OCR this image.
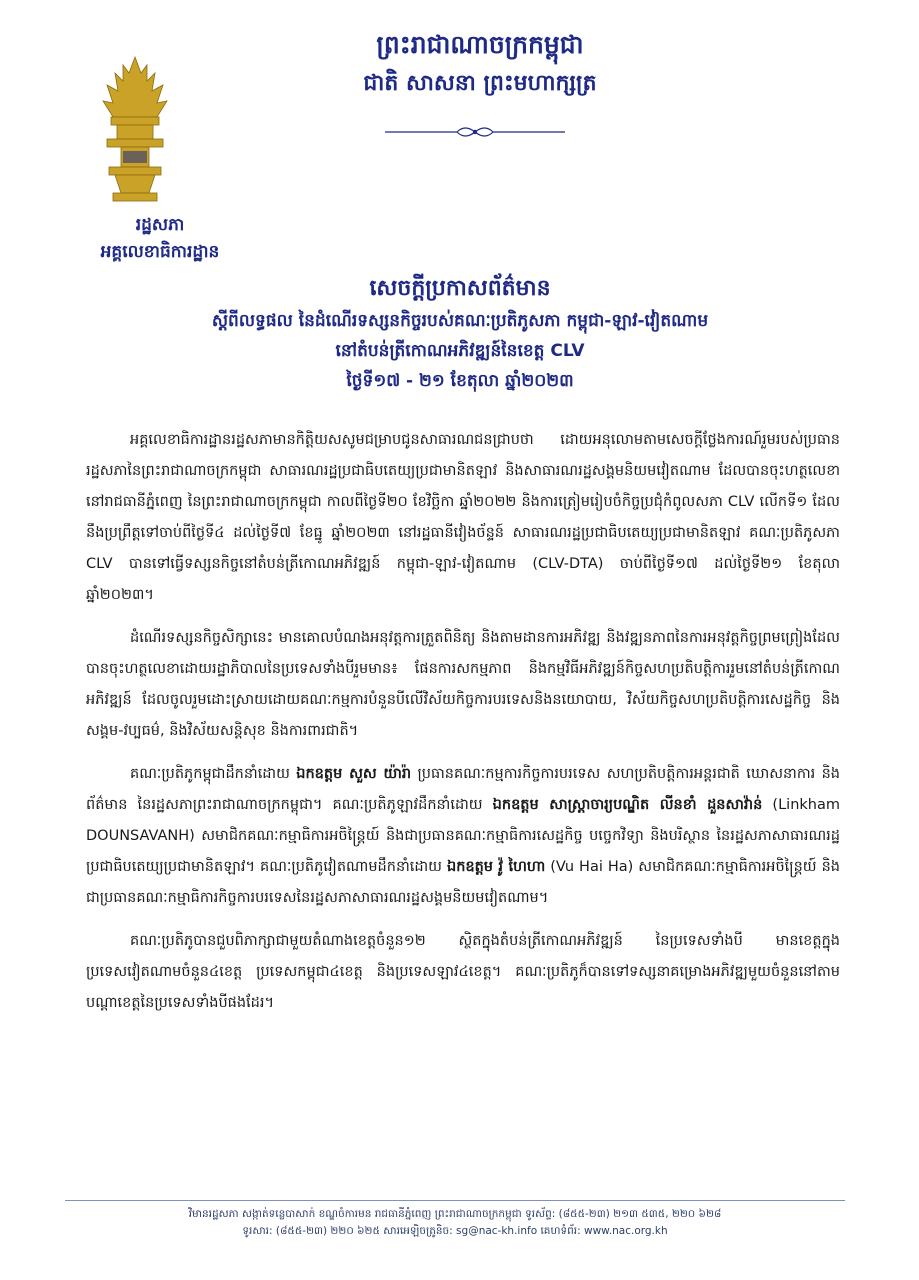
ព្រះរាជាណាចក្រកម្ពុជា
ជាតិ សាសនា ព្រះមហាក្សត្រ
រដ្ឋសភា
អគ្គលេខាធិការដ្ឋាន
សេចក្តីប្រកាសព័ត៌មាន
ស្តីពីលទ្ធផល នៃដំណើរទស្សនកិច្ចរបស់គណៈប្រតិភូសភា កម្ពុជា-ឡាវ-វៀតណាម
នៅតំបន់ត្រីកោណអភិវឌ្ឍន៍នៃខេត្ត CLV
ថ្ងៃទី១៧ - ២១ ខែតុលា ឆ្នាំ២០២៣

អគ្គលេខាធិការដ្ឋានរដ្ឋសភាមានកិត្តិយសសូមជម្រាបជូនសាធារណជនជ្រាបថា ដោយអនុលោមតាមសេចក្តីថ្លែងការណ៍រួមរបស់ប្រធានរដ្ឋសភានៃព្រះរាជាណាចក្រកម្ពុជា សាធារណរដ្ឋប្រជាធិបតេយ្យប្រជាមានិតឡាវ និងសាធារណរដ្ឋសង្គមនិយមវៀតណាម ដែលបានចុះហត្ថលេខានៅរាជធានីភ្នំពេញ នៃព្រះរាជាណាចក្រកម្ពុជា កាលពីថ្ងៃទី២០ ខែវិច្ឆិកា ឆ្នាំ២០២២ និងការត្រៀមរៀបចំកិច្ចប្រជុំកំពូលសភា CLV លើកទី១ ដែលនឹងប្រព្រឹត្តទៅចាប់ពីថ្ងៃទី៤ ដល់ថ្ងៃទី៧ ខែធ្នូ ឆ្នាំ២០២៣ នៅរដ្ឋធានីវៀងច័ន្ទន៍ សាធារណរដ្ឋប្រជាធិបតេយ្យប្រជាមានិតឡាវ គណៈប្រតិភូសភា CLV បានទៅធ្វើទស្សនកិច្ចនៅតំបន់ត្រីកោណអភិវឌ្ឍន៍ កម្ពុជា-ឡាវ-វៀតណាម (CLV-DTA) ចាប់ពីថ្ងៃទី១៧ ដល់ថ្ងៃទី២១ ខែតុលា ឆ្នាំ២០២៣។

ដំណើរទស្សនកិច្ចសិក្សានេះ មានគោលបំណងអនុវត្តការត្រួតពិនិត្យ និងតាមដានការអភិវឌ្ឍ និងវឌ្ឍនភាពនៃការអនុវត្តកិច្ចព្រមព្រៀងដែលបានចុះហត្ថលេខាដោយរដ្ឋាភិបាលនៃប្រទេសទាំងបីរួមមាន៖ ផែនការសកម្មភាព និងកម្មវិធីអភិវឌ្ឍន៍កិច្ចសហប្រតិបត្តិការរួមនៅតំបន់ត្រីកោណអភិវឌ្ឍន៍ ដែលចូលរួមដោះស្រាយដោយគណៈកម្មការបំនួនបីលើវិស័យកិច្ចការបរទេសនិងនយោបាយ, វិស័យកិច្ចសហប្រតិបត្តិការសេដ្ឋកិច្ច និងសង្គម-វប្បធម៌, និងវិស័យសន្តិសុខ និងការពារជាតិ។

គណៈប្រតិភូកម្ពុជាដឹកនាំដោយ ឯកឧត្តម សួស យ៉ារ៉ា ប្រធានគណៈកម្មការកិច្ចការបរទេស សហប្រតិបត្តិការអន្តរជាតិ ឃោសនាការ និងព័ត៌មាន នៃរដ្ឋសភាព្រះរាជាណាចក្រកម្ពុជា។ គណៈប្រតិភូឡាវដឹកនាំដោយ ឯកឧត្តម សាស្ត្រាចារ្យបណ្ឌិត លីនខាំ ដួនសាវ៉ាន់ (Linkham DOUNSAVANH) សមាជិកគណៈកម្មាធិការអចិន្ត្រៃយ៍ និងជាប្រធានគណៈកម្មាធិការសេដ្ឋកិច្ច បច្ចេកវិទ្យា និងបរិស្ថាន នៃរដ្ឋសភាសាធារណរដ្ឋប្រជាធិបតេយ្យប្រជាមានិតឡាវ។ គណៈប្រតិភូវៀតណាមដឹកនាំដោយ ឯកឧត្តម វ៉ូ ហៃហា (Vu Hai Ha) សមាជិកគណៈកម្មាធិការអចិន្ត្រៃយ៍ និងជាប្រធានគណៈកម្មាធិការកិច្ចការបរទេសនៃរដ្ឋសភាសាធារណរដ្ឋសង្គមនិយមវៀតណាម។

គណៈប្រតិភូបានជួបពិភាក្សាជាមួយតំណាងខេត្តចំនួន១២ ស្ថិតក្នុងតំបន់ត្រីកោណអភិវឌ្ឍន៍ នៃប្រទេសទាំងបី មានខេត្តក្នុងប្រទេសវៀតណាមចំនួន៤ខេត្ត ប្រទេសកម្ពុជា៤ខេត្ត និងប្រទេសឡាវ៤ខេត្ត។ គណៈប្រតិភូក៏បានទៅទស្សនាគម្រោងអភិវឌ្ឍមួយចំនួននៅតាមបណ្តាខេត្តនៃប្រទេសទាំងបីផងដែរ។

វិមានរដ្ឋសភា សង្កាត់ទន្លេបាសាក់ ខណ្ឌចំការមន រាជធានីភ្នំពេញ ព្រះរាជាណាចក្រកម្ពុជា ទូរស័ព្ទ: (៨៥៥-២៣) ២១៣ ៥៣៥, ២២០ ៦២៨
ទូរសារ: (៨៥៥-២៣) ២២០ ៦២៥ សារអេឡិចត្រូនិច: sg@nac-kh.info គេហទំព័រ: www.nac.org.kh
